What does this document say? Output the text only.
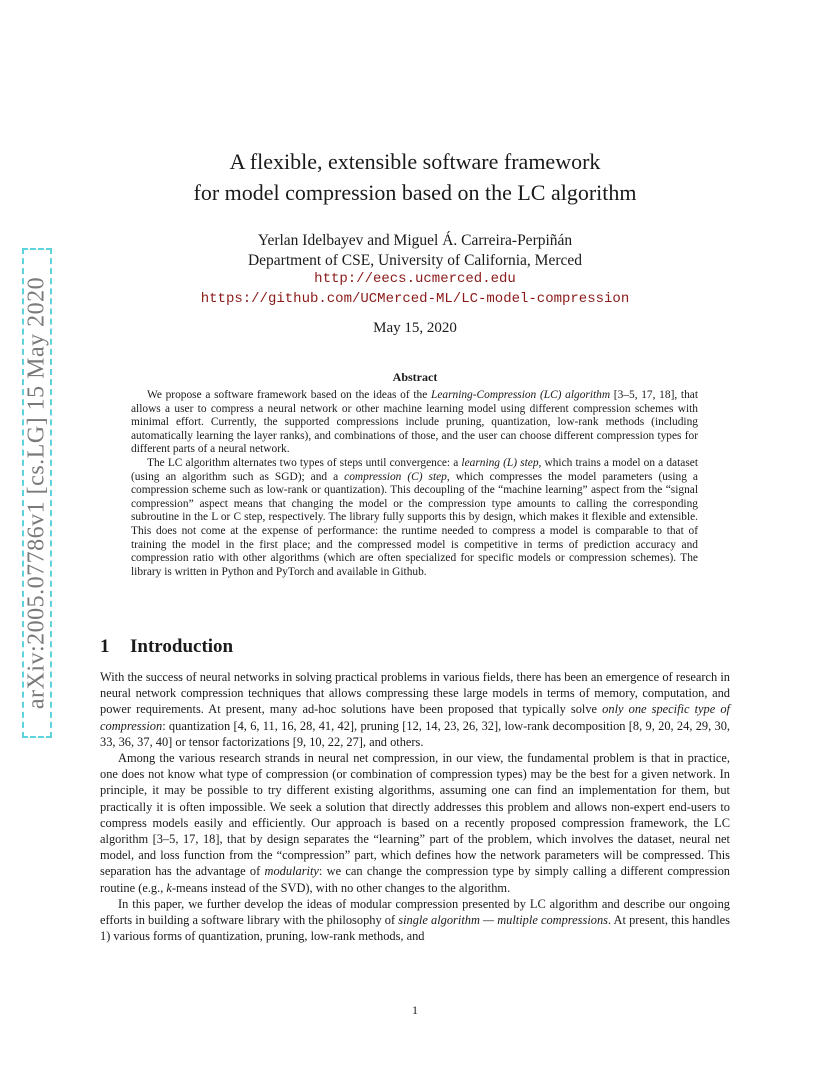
arXiv:2005.07786v1 [cs.LG] 15 May 2020
A flexible, extensible software framework
for model compression based on the LC algorithm
Yerlan Idelbayev and Miguel Á. Carreira-Perpiñán
Department of CSE, University of California, Merced
http://eecs.ucmerced.edu
https://github.com/UCMerced-ML/LC-model-compression
May 15, 2020
Abstract

We propose a software framework based on the ideas of the Learning-Compression (LC) algorithm [3–5, 17, 18], that allows a user to compress a neural network or other machine learning model using different compression schemes with minimal effort. Currently, the supported compressions include pruning, quantization, low-rank methods (including automatically learning the layer ranks), and combinations of those, and the user can choose different compression types for different parts of a neural network.

The LC algorithm alternates two types of steps until convergence: a learning (L) step, which trains a model on a dataset (using an algorithm such as SGD); and a compression (C) step, which compresses the model parameters (using a compression scheme such as low-rank or quantization). This decoupling of the “machine learning” aspect from the “signal compression” aspect means that changing the model or the compression type amounts to calling the corresponding subroutine in the L or C step, respectively. The library fully supports this by design, which makes it flexible and extensible. This does not come at the expense of performance: the runtime needed to compress a model is comparable to that of training the model in the first place; and the compressed model is competitive in terms of prediction accuracy and compression ratio with other algorithms (which are often specialized for specific models or compression schemes). The library is written in Python and PyTorch and available in Github.

1 Introduction

With the success of neural networks in solving practical problems in various fields, there has been an emergence of research in neural network compression techniques that allows compressing these large models in terms of memory, computation, and power requirements. At present, many ad-hoc solutions have been proposed that typically solve only one specific type of compression: quantization [4, 6, 11, 16, 28, 41, 42], pruning [12, 14, 23, 26, 32], low-rank decomposition [8, 9, 20, 24, 29, 30, 33, 36, 37, 40] or tensor factorizations [9, 10, 22, 27], and others.

Among the various research strands in neural net compression, in our view, the fundamental problem is that in practice, one does not know what type of compression (or combination of compression types) may be the best for a given network. In principle, it may be possible to try different existing algorithms, assuming one can find an implementation for them, but practically it is often impossible. We seek a solution that directly addresses this problem and allows non-expert end-users to compress models easily and efficiently. Our approach is based on a recently proposed compression framework, the LC algorithm [3–5, 17, 18], that by design separates the “learning” part of the problem, which involves the dataset, neural net model, and loss function from the “compression” part, which defines how the network parameters will be compressed. This separation has the advantage of modularity: we can change the compression type by simply calling a different compression routine (e.g., k-means instead of the SVD), with no other changes to the algorithm.

In this paper, we further develop the ideas of modular compression presented by LC algorithm and describe our ongoing efforts in building a software library with the philosophy of single algorithm — multiple compressions. At present, this handles 1) various forms of quantization, pruning, low-rank methods, and

1
